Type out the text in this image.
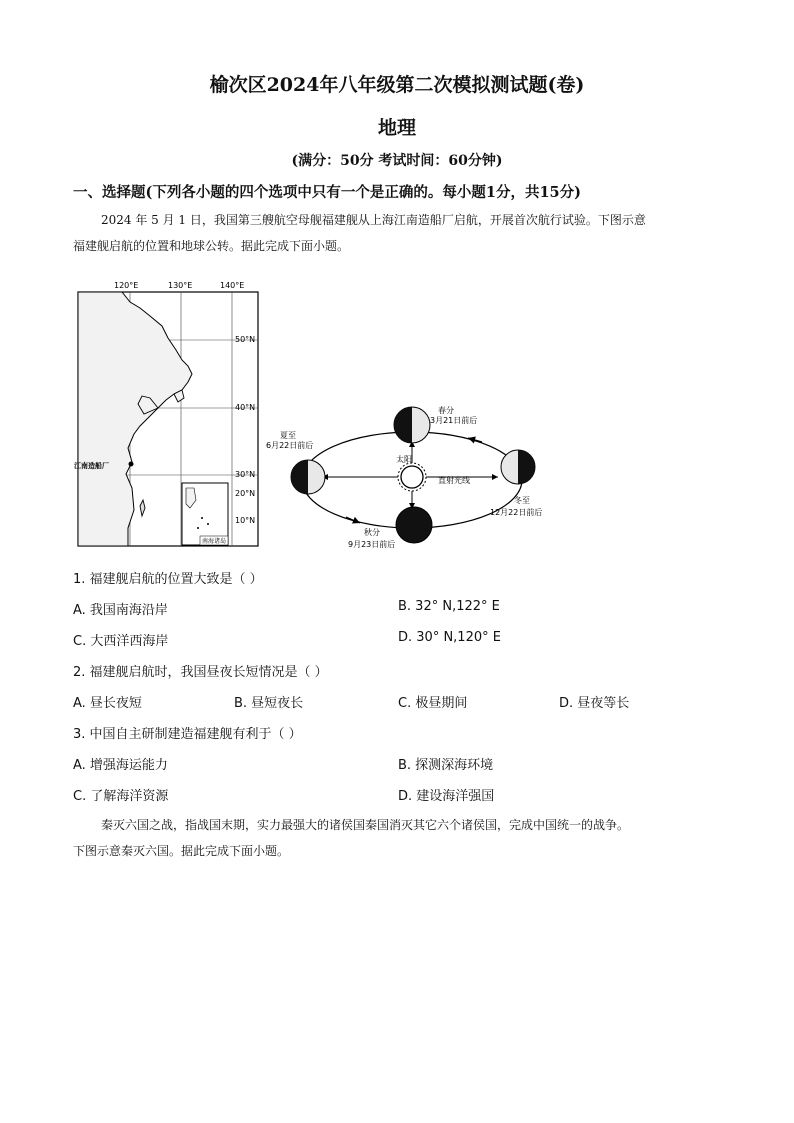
榆次区2024年八年级第二次模拟测试题(卷)
地理
(满分：50分 考试时间：60分钟)
一、选择题(下列各小题的四个选项中只有一个是正确的。每小题1分，共15分)
2024 年 5 月 1 日，我国第三艘航空母舰福建舰从上海江南造船厂启航，开展首次航行试验。下图示意
福建舰启航的位置和地球公转。据此完成下面小题。
江南造船厂
南海诸岛
120°E	130°E	140°E
50°N
40°N
30°N
20°N
10°N
太阳
直射光线
春分
3月21日前后
夏至
6月22日前后
冬至
12月22日前后
秋分
9月23日前后
1. 福建舰启航的位置大致是（ ）
A. 我国南海沿岸	B. 32° N,122° E
C. 大西洋西海岸	D. 30° N,120° E
2. 福建舰启航时，我国昼夜长短情况是（ ）
A. 昼长夜短	B. 昼短夜长	C. 极昼期间	D. 昼夜等长
3. 中国自主研制建造福建舰有利于（ ）
A. 增强海运能力	B. 探测深海环境
C. 了解海洋资源	D. 建设海洋强国
秦灭六国之战，指战国末期，实力最强大的诸侯国秦国消灭其它六个诸侯国，完成中国统一的战争。
下图示意秦灭六国。据此完成下面小题。
